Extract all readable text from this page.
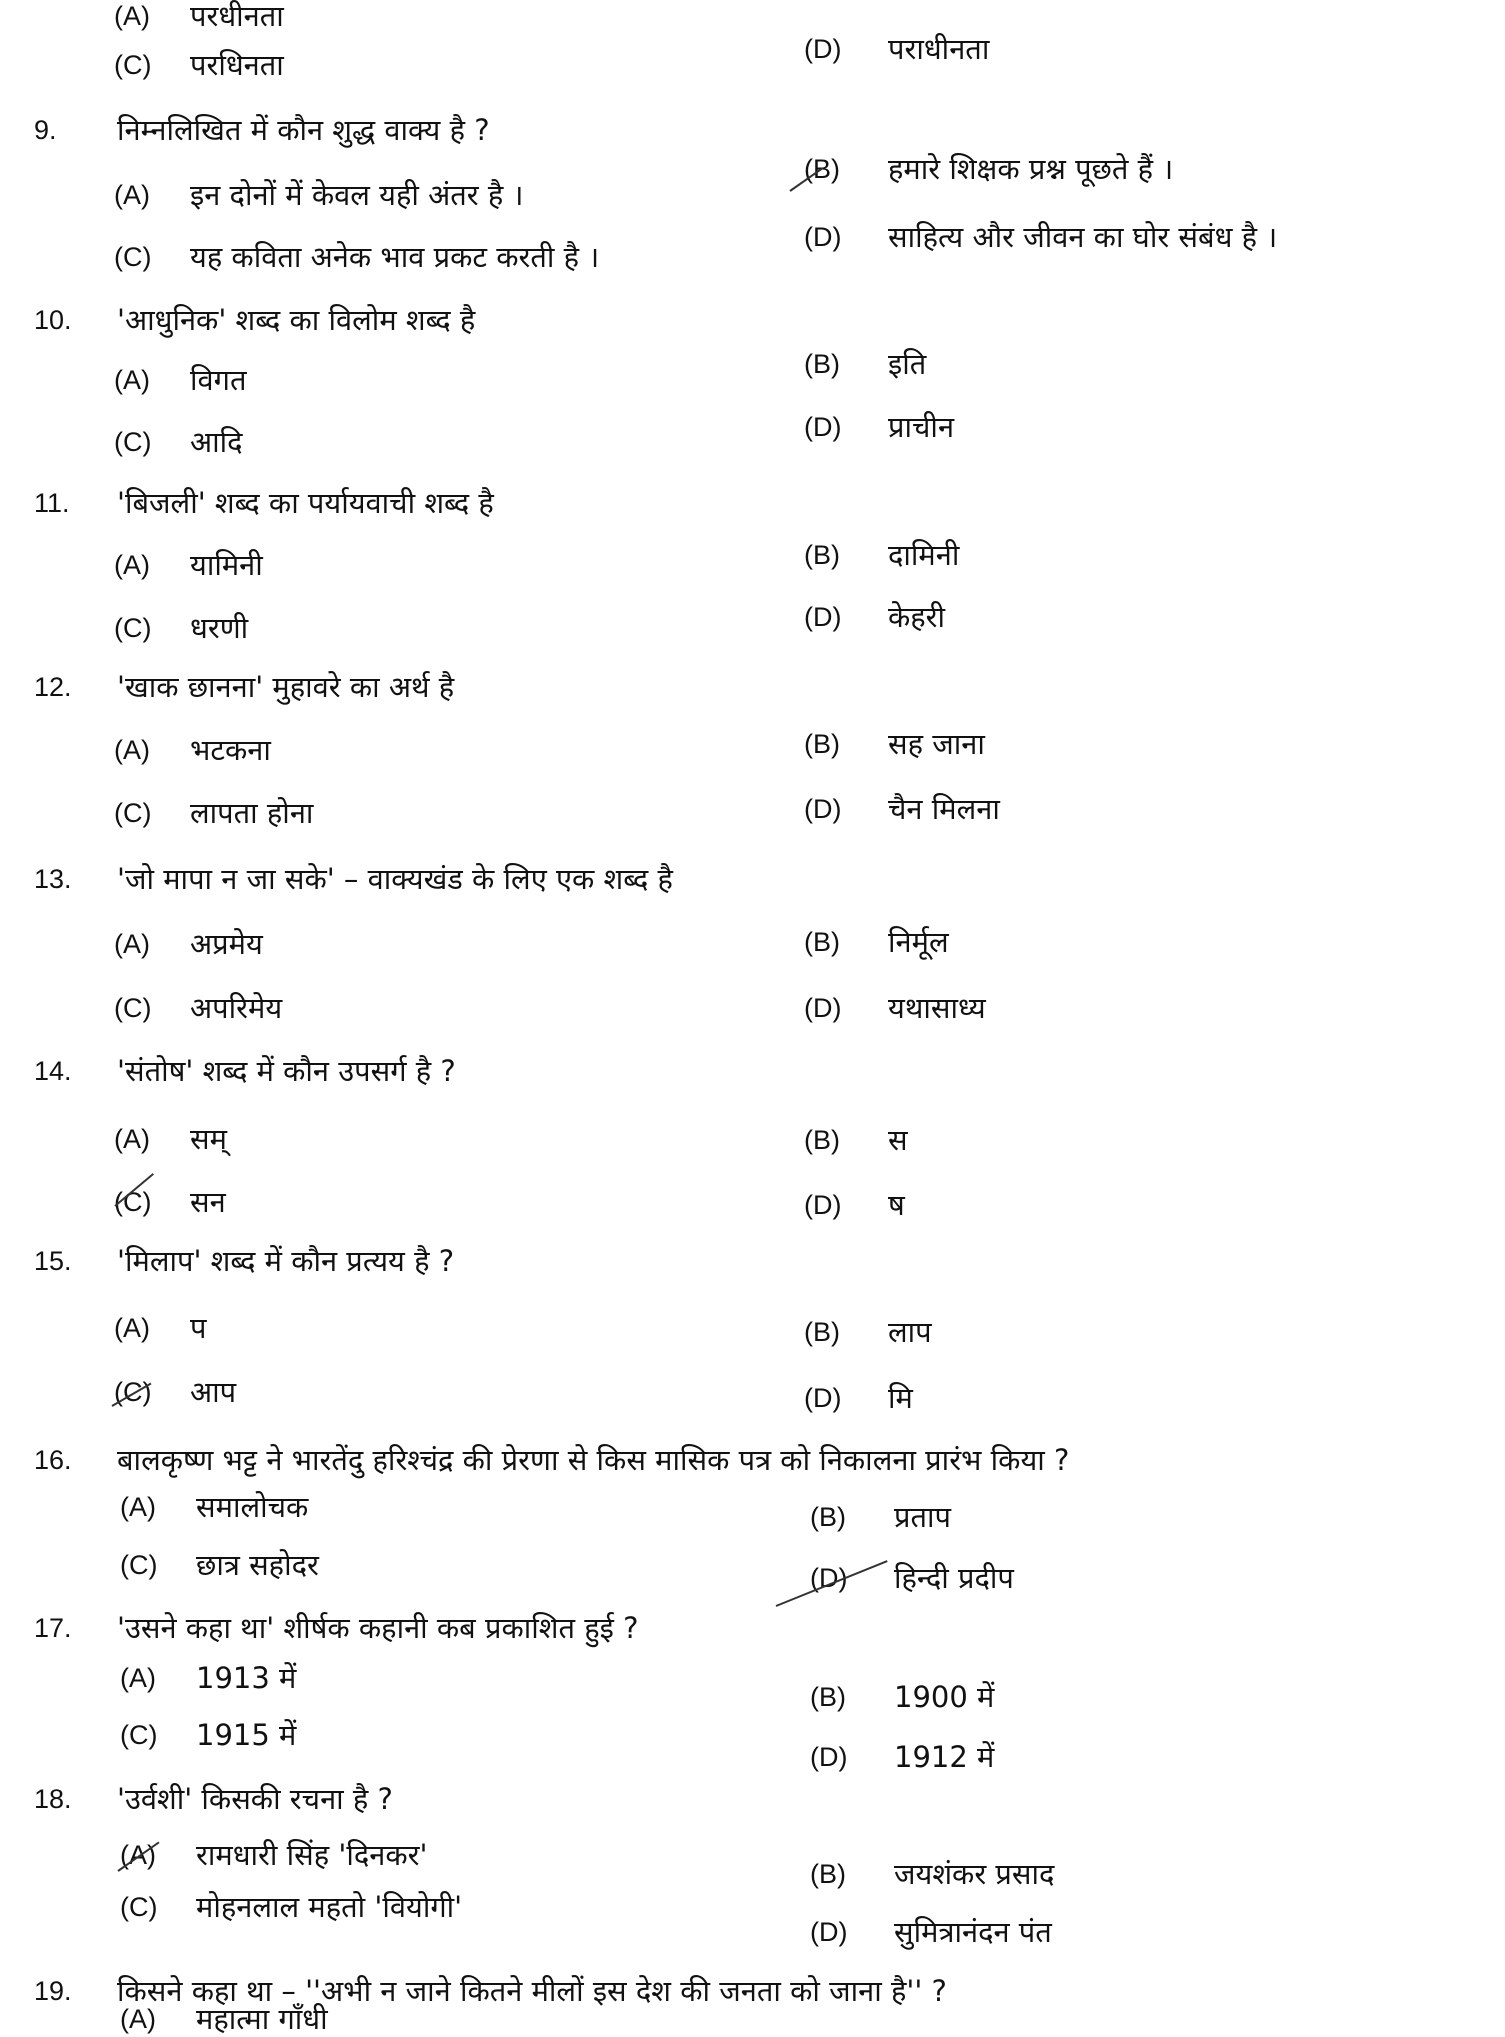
(A) परधीनता
(C) परधिनता	(D) पराधीनता
9. निम्नलिखित में कौन शुद्ध वाक्य है ?
(A) इन दोनों में केवल यही अंतर है ।
(B) हमारे शिक्षक प्रश्न पूछते हैं ।
(C) यह कविता अनेक भाव प्रकट करती है ।
(D) साहित्य और जीवन का घोर संबंध है ।
10. 'आधुनिक' शब्द का विलोम शब्द है
(A) विगत	(B) इति
(C) आदि	(D) प्राचीन
11. 'बिजली' शब्द का पर्यायवाची शब्द है
(A) यामिनी	(B) दामिनी
(C) धरणी	(D) केहरी
12. 'खाक छानना' मुहावरे का अर्थ है
(A) भटकना	(B) सह जाना
(C) लापता होना	(D) चैन मिलना
13. 'जो मापा न जा सके' – वाक्यखंड के लिए एक शब्द है
(A) अप्रमेय	(B) निर्मूल
(C) अपरिमेय	(D) यथासाध्य
14. 'संतोष' शब्द में कौन उपसर्ग है ?
(A) सम्	(B) स
(C) सन	(D) ष
15. 'मिलाप' शब्द में कौन प्रत्यय है ?
(A) प	(B) लाप
(C) आप	(D) मि
16. बालकृष्ण भट्ट ने भारतेंदु हरिश्चंद्र की प्रेरणा से किस मासिक पत्र को निकालना प्रारंभ किया ?
(A) समालोचक	(B) प्रताप
(C) छात्र सहोदर	(D) हिन्दी प्रदीप
17. 'उसने कहा था' शीर्षक कहानी कब प्रकाशित हुई ?
(A) 1913 में
(B) 1900 में
(C) 1915 में
(D) 1912 में
18. 'उर्वशी' किसकी रचना है ?
(A) रामधारी सिंह 'दिनकर'
(B) जयशंकर प्रसाद
(C) मोहनलाल महतो 'वियोगी'
(D) सुमित्रानंदन पंत
19. किसने कहा था – ''अभी न जाने कितने मीलों इस देश की जनता को जाना है'' ?
(A) महात्मा गाँधी
